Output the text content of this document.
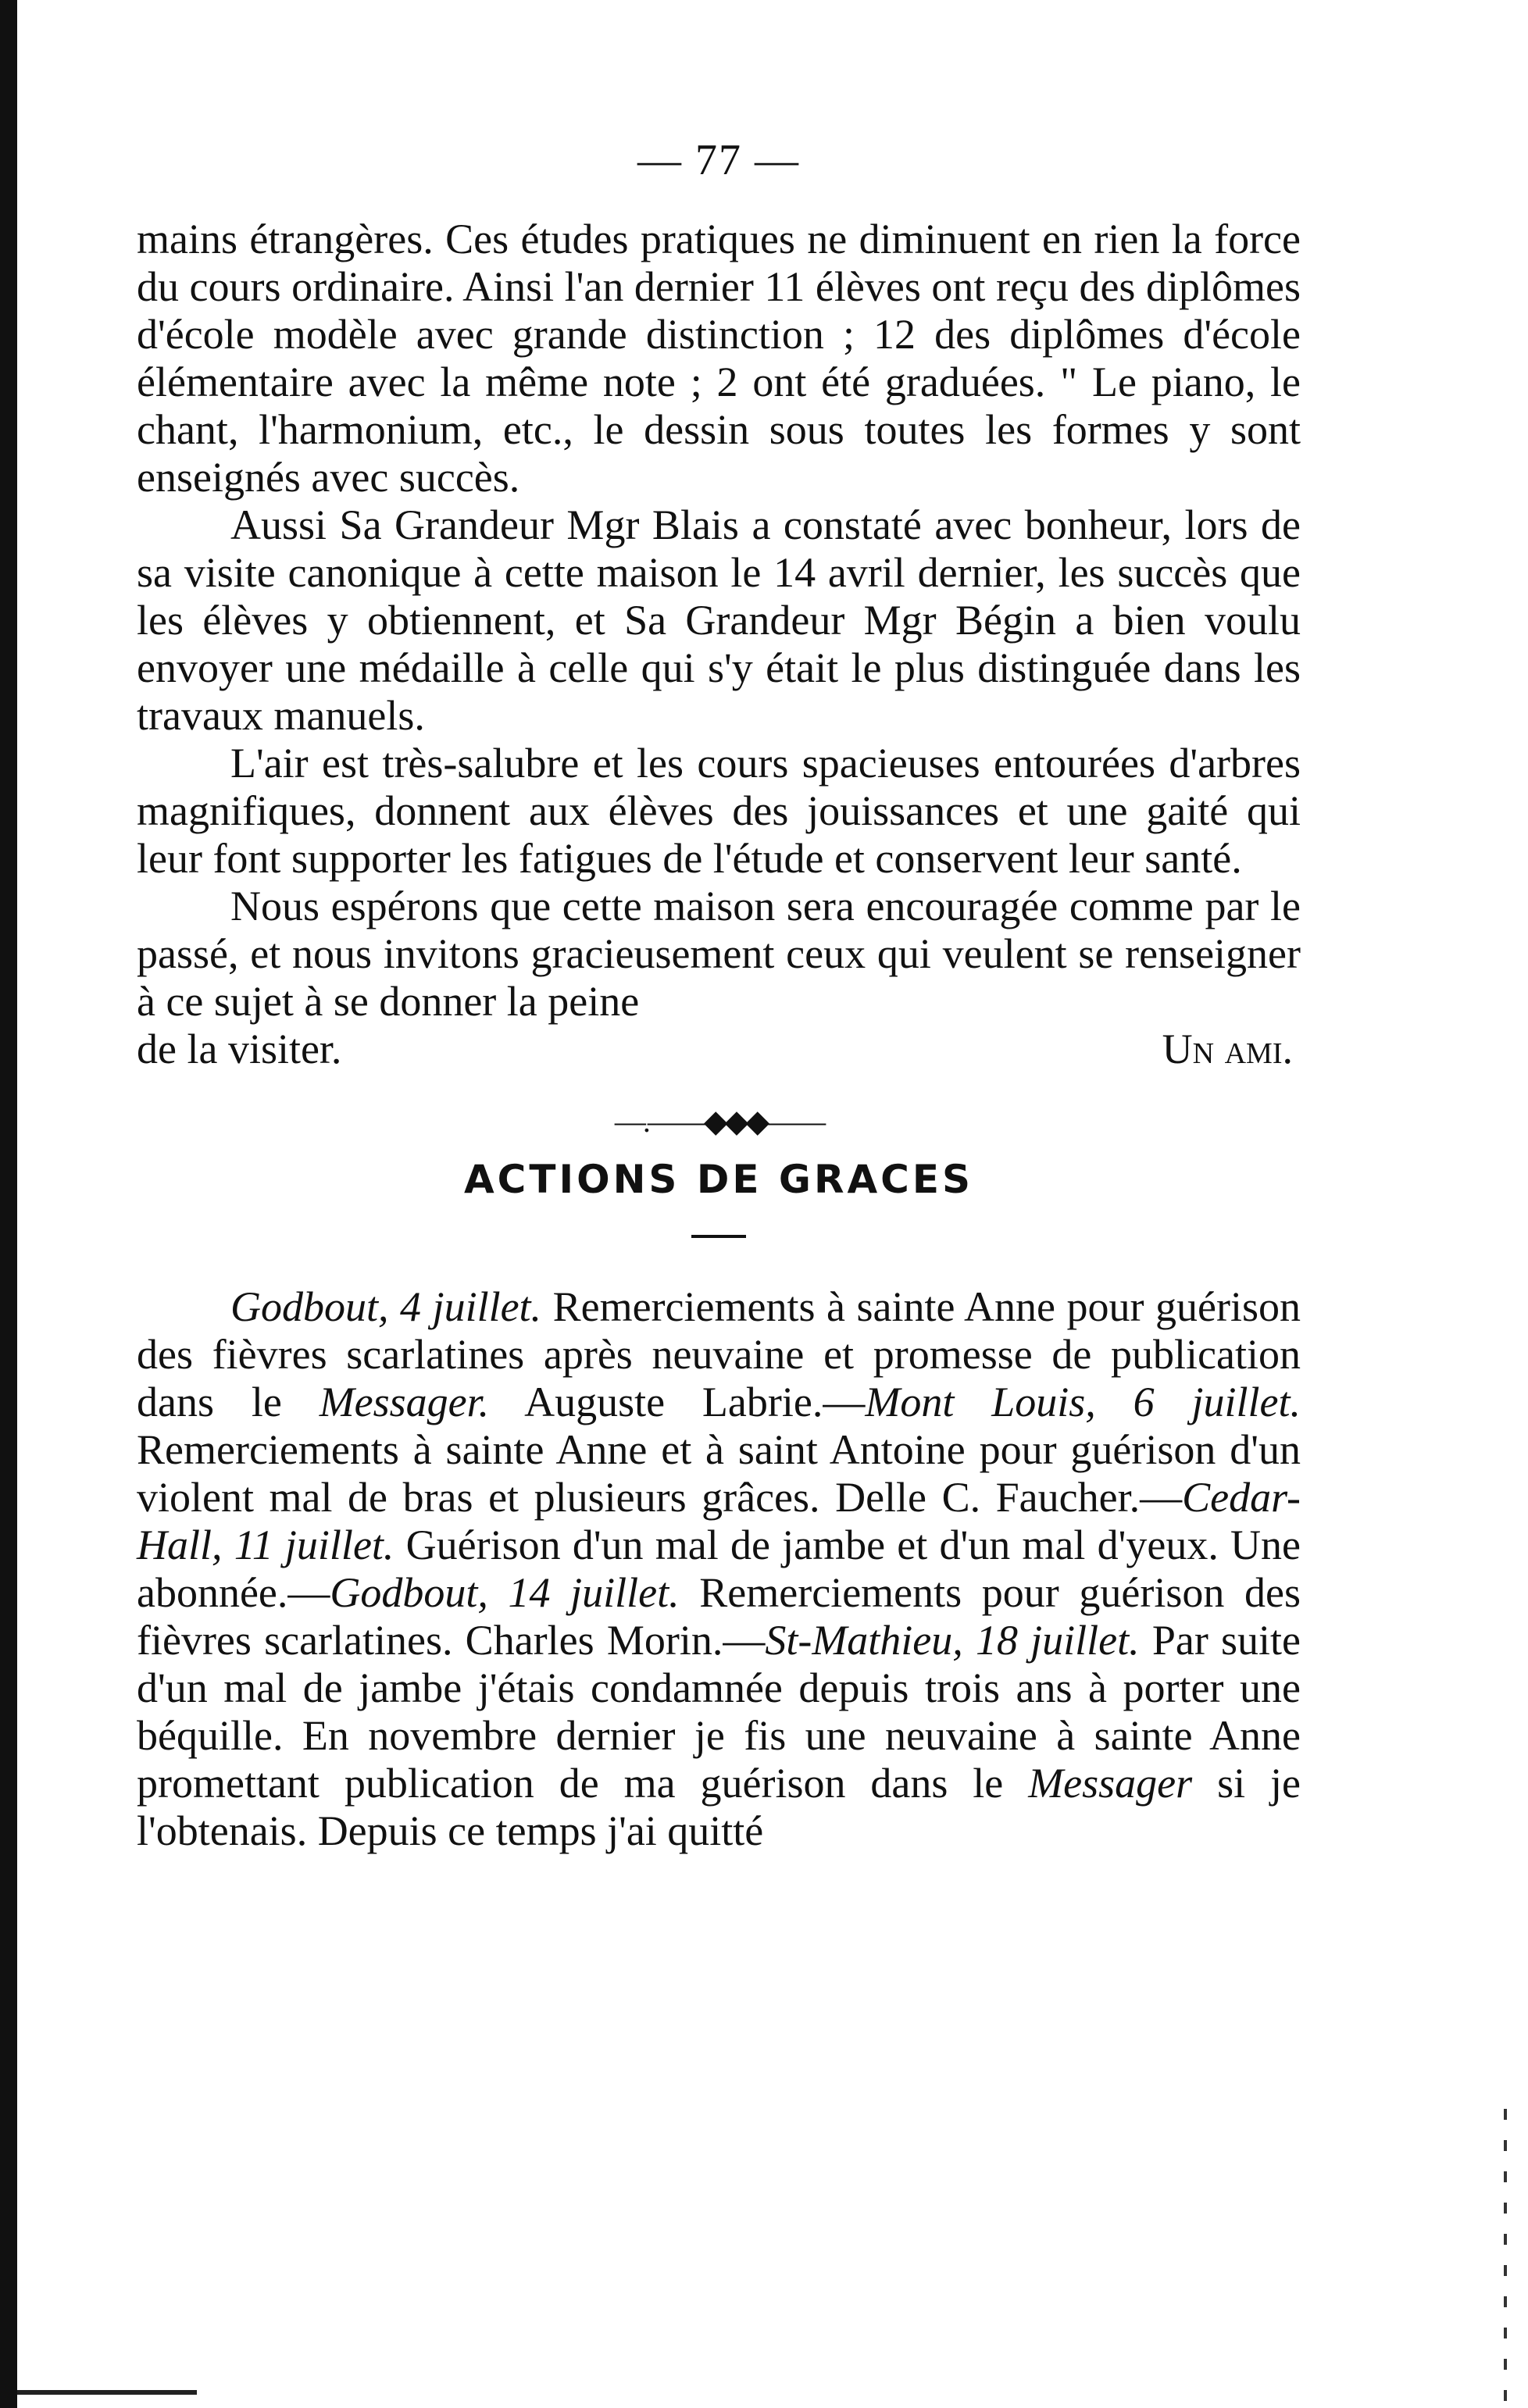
— 77 —

mains étrangères. Ces études pratiques ne diminuent en rien la force du cours ordinaire. Ainsi l'an dernier 11 élèves ont reçu des diplômes d'école modèle avec grande distinction ; 12 des diplômes d'école élémentaire avec la même note ; 2 ont été graduées. " Le piano, le chant, l'harmonium, etc., le dessin sous toutes les formes y sont enseignés avec succès.

Aussi Sa Grandeur Mgr Blais a constaté avec bonheur, lors de sa visite canonique à cette maison le 14 avril dernier, les succès que les élèves y obtiennent, et Sa Grandeur Mgr Bégin a bien voulu envoyer une médaille à celle qui s'y était le plus distinguée dans les travaux manuels.

L'air est très-salubre et les cours spacieuses entourées d'arbres magnifiques, donnent aux élèves des jouissances et une gaité qui leur font supporter les fatigues de l'étude et conservent leur santé.

Nous espérons que cette maison sera encouragée comme par le passé, et nous invitons gracieusement ceux qui veulent se renseigner à ce sujet à se donner la peine

de la visiter.	Un ami.
—.——◆◆◆——
ACTIONS DE GRACES

Godbout, 4 juillet. Remerciements à sainte Anne pour guérison des fièvres scarlatines après neuvaine et promesse de publication dans le Messager. Auguste Labrie.—Mont Louis, 6 juillet. Remerciements à sainte Anne et à saint Antoine pour guérison d'un violent mal de bras et plusieurs grâces. Delle C. Faucher.—Cedar-Hall, 11 juillet. Guérison d'un mal de jambe et d'un mal d'yeux. Une abonnée.—Godbout, 14 juillet. Remerciements pour guérison des fièvres scarlatines. Charles Morin.—St-Mathieu, 18 juillet. Par suite d'un mal de jambe j'étais condamnée depuis trois ans à porter une béquille. En novembre dernier je fis une neuvaine à sainte Anne promettant publication de ma guérison dans le Messager si je l'obtenais. Depuis ce temps j'ai quitté
